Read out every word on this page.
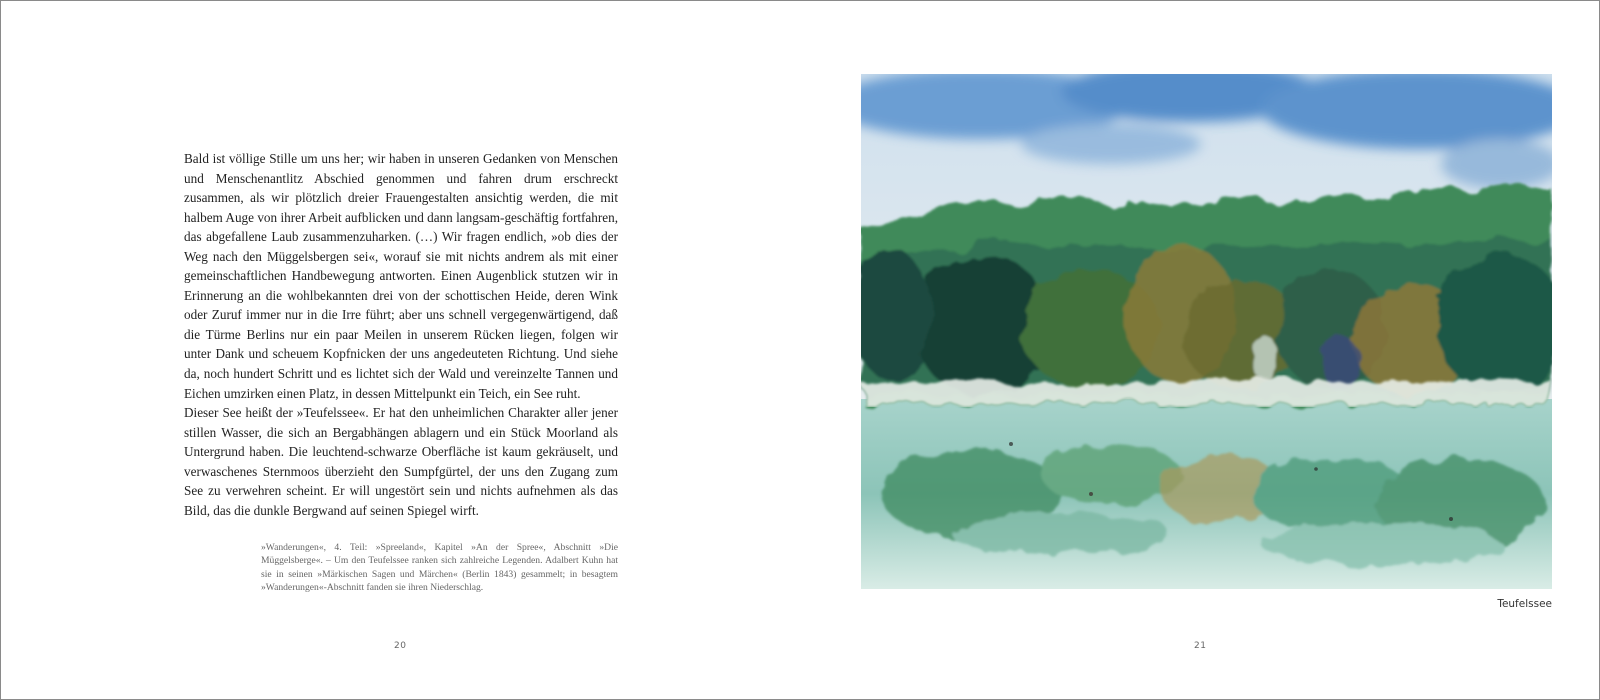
Bald ist völlige Stille um uns her; wir haben in unseren Gedanken von Menschen und Menschenantlitz Abschied genommen und fahren drum erschreckt zusammen, als wir plötzlich dreier Frauengestalten ansichtig werden, die mit halbem Auge von ihrer Arbeit aufblicken und dann langsam-geschäftig fortfahren, das abgefallene Laub zusammenzuharken. (…) Wir fragen endlich, »ob dies der Weg nach den Müggelsbergen sei«, worauf sie mit nichts andrem als mit einer gemeinschaftlichen Handbewegung antworten. Einen Augenblick stutzen wir in Erinnerung an die wohlbekannten drei von der schottischen Heide, deren Wink oder Zuruf immer nur in die Irre führt; aber uns schnell vergegenwärtigend, daß die Türme Berlins nur ein paar Meilen in unserem Rücken liegen, folgen wir unter Dank und scheuem Kopfnicken der uns angedeuteten Richtung. Und siehe da, noch hundert Schritt und es lichtet sich der Wald und vereinzelte Tannen und Eichen umzirken einen Platz, in dessen Mittelpunkt ein Teich, ein See ruht.

Dieser See heißt der »Teufelssee«. Er hat den unheimlichen Charakter aller jener stillen Wasser, die sich an Bergabhängen ablagern und ein Stück Moorland als Untergrund haben. Die leuchtend-schwarze Oberfläche ist kaum gekräuselt, und verwaschenes Sternmoos überzieht den Sumpfgürtel, der uns den Zugang zum See zu verwehren scheint. Er will ungestört sein und nichts aufnehmen als das Bild, das die dunkle Bergwand auf seinen Spiegel wirft.

»Wanderungen«, 4. Teil: »Spreeland«, Kapitel »An der Spree«, Abschnitt »Die Müggelsberge«. – Um den Teufelssee ranken sich zahlreiche Legenden. Adalbert Kuhn hat sie in seinen »Märkischen Sagen und Märchen« (Berlin 1843) gesammelt; in besagtem »Wanderungen«-Abschnitt fanden sie ihren Niederschlag.
20
Teufelssee
21
